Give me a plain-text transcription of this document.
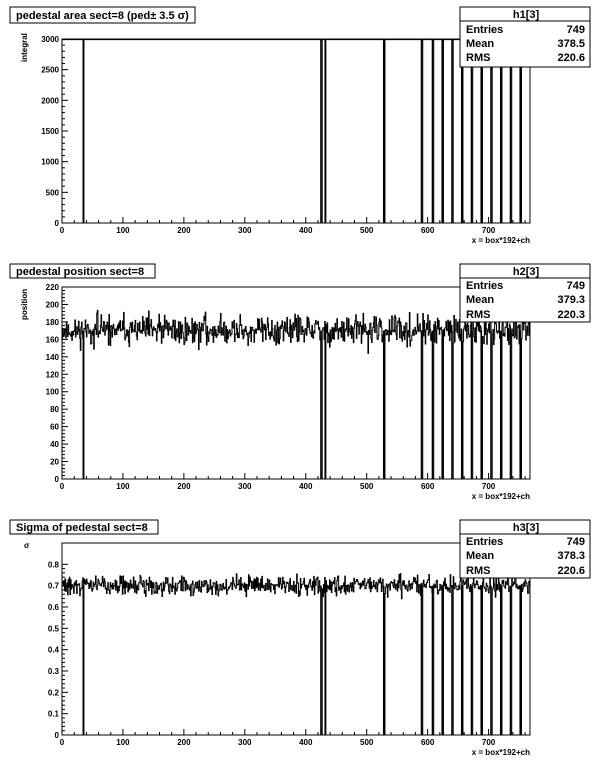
pedestal area sect=8 (ped± 3.5 σ)
0
500
1000
1500
2000
2500
3000
0	100	200	300	400	500	600	700
integral
x = box*192+ch
h1[3]
Entries	749
Mean	378.5
RMS	220.6
pedestal position sect=8
0
20
40
60
80
100
120
140
160
180
200
220
0	100	200	300	400	500	600	700
position
x = box*192+ch
h2[3]
Entries	749
Mean	379.3
RMS	220.3
Sigma of pedestal sect=8
0
0.1
0.2
0.3
0.4
0.5
0.6
0.7
0.8
0	100	200	300	400	500	600	700
σ
x = box*192+ch
h3[3]
Entries	749
Mean	378.3
RMS	220.6
